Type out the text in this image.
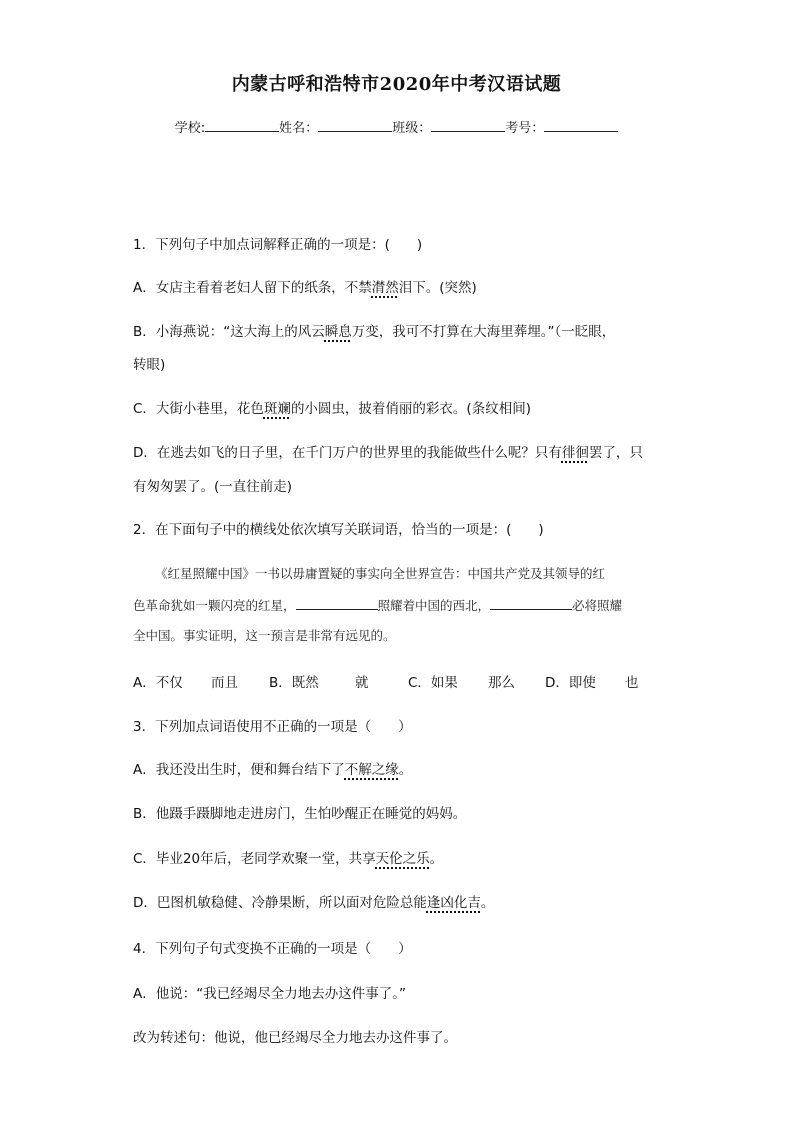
内蒙古呼和浩特市2020年中考汉语试题
学校:	姓名：	班级：	考号：
1．下列句子中加点词解释正确的一项是：(　　)
A．女店主看着老妇人留下的纸条，不禁潸然泪下。(突然)
B．小海燕说：“这大海上的风云瞬息万变，我可不打算在大海里葬埋。”（一眨眼，
转眼)
C．大街小巷里，花色斑斓的小圆虫，披着俏丽的彩衣。(条纹相间)
D．在逃去如飞的日子里，在千门万户的世界里的我能做些什么呢？只有徘徊罢了，只
有匆匆罢了。(一直往前走)
2．在下面句子中的横线处依次填写关联词语，恰当的一项是：(　　)
《红星照耀中国》一书以毋庸置疑的事实向全世界宣告：中国共产党及其领导的红
色革命犹如一颗闪亮的红星，	照耀着中国的西北，	必将照耀
全中国。事实证明，这一预言是非常有远见的。
A．不仅 而且 B．既然	就	C．如果 那么 D．即使 也
3．下列加点词语使用不正确的一项是（　　）
A．我还没出生时，便和舞台结下了不解之缘。
B．他蹑手蹑脚地走进房门，生怕吵醒正在睡觉的妈妈。
C．毕业20年后，老同学欢聚一堂，共享天伦之乐。
D．巴图机敏稳健、冷静果断，所以面对危险总能逢凶化吉。
4．下列句子句式变换不正确的一项是（　　）
A．他说：“我已经竭尽全力地去办这件事了。”
改为转述句：他说，他已经竭尽全力地去办这件事了。
